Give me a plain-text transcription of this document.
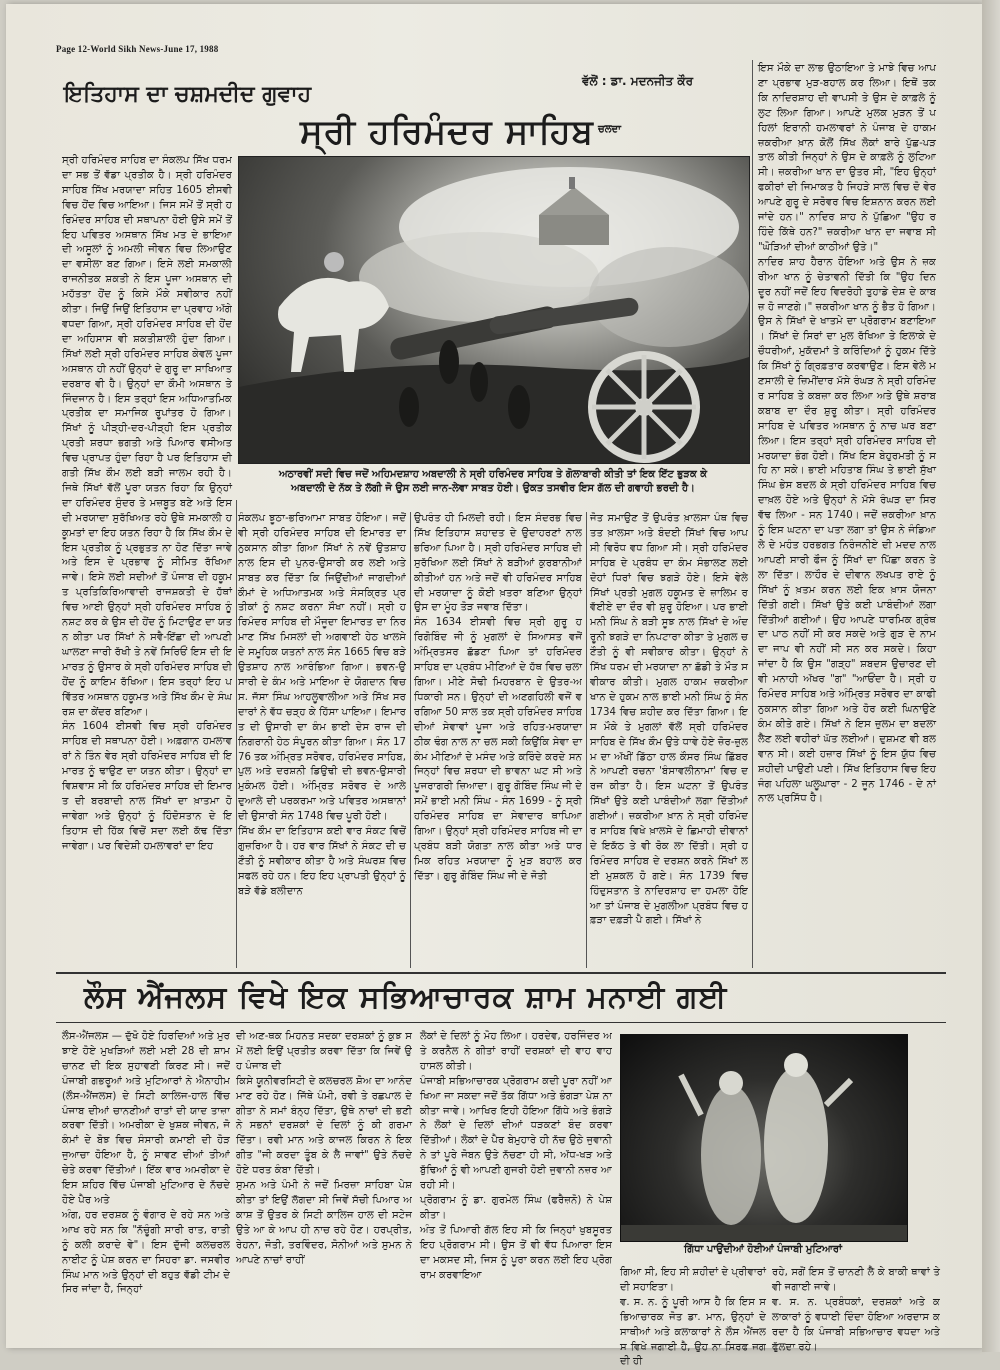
Page 12-World Sikh News-June 17, 1988
ਇਤਿਹਾਸ ਦਾ ਚਸ਼ਮਦੀਦ ਗੁਵਾਹ
ਵੱਲੋਂ : ਡਾ. ਮਦਨਜੀਤ ਕੌਰ
ਸ੍ਰੀ ਹਰਿਮੰਦਰ ਸਾਹਿਬ ਚਲਦਾ
ਅਠਾਰਵੀਂ ਸਦੀ ਵਿਚ ਜਦੋਂ ਅਹਿਮਦਸ਼ਾਹ ਅਬਦਾਲੀ ਨੇ ਸ੍ਰੀ ਹਰਿਮੰਦਰ ਸਾਹਿਬ ਤੇ ਗੋਲਾਬਾਰੀ ਕੀਤੀ ਤਾਂ ਇਕ ਇੱਟ ਭੁੜਕ ਕੇ
ਅਬਦਾਲੀ ਦੇ ਨੱਕ ਤੇ ਲੱਗੀ ਜੋ ਉਸ ਲਈ ਜਾਨ-ਲੇਵਾ ਸਾਬਤ ਹੋਈ। ਉਕਤ ਤਸਵੀਰ ਇਸ ਗੱਲ ਦੀ ਗਵਾਹੀ ਭਰਦੀ ਹੈ।
ਸ੍ਰੀ ਹਰਿਮੰਦਰ ਸਾਹਿਬ ਦਾ ਸੰਕਲਪ ਸਿੱਖ ਧਰਮ ਦਾ ਸਭ ਤੋਂ ਵੱਡਾ ਪ੍ਰਤੀਕ ਹੈ। ਸ੍ਰੀ ਹਰਿਮੰਦਰ ਸਾਹਿਬ ਸਿੱਖ ਮਰਯਾਦਾ ਸਹਿਤ 1605 ਈਸਵੀ ਵਿਚ ਹੋਂਦ ਵਿਚ ਆਇਆ। ਜਿਸ ਸਮੇਂ ਤੋਂ ਸ੍ਰੀ ਹਰਿਮੰਦਰ ਸਾਹਿਬ ਦੀ ਸਥਾਪਨਾ ਹੋਈ ਉਸੇ ਸਮੇਂ ਤੋਂ ਇਹ ਪਵਿਤਰ ਅਸਥਾਨ ਸਿੱਖ ਮਤ ਦੇ ਭਾਇਆਦੀ ਅਸੂਲਾਂ ਨੂੰ ਅਮਲੀ ਜੀਵਨ ਵਿਚ ਲਿਆਉਣ ਦਾ ਵਸੀਲਾ ਬਣ ਗਿਆ। ਇਸੇ ਲਈ ਸਮਕਾਲੀ ਰਾਜਨੀਤਕ ਸ਼ਕਤੀ ਨੇ ਇਸ ਪੂਜਾ ਅਸਥਾਨ ਦੀ ਮਹੱਤਤਾ ਹੋਂਦ ਨੂੰ ਕਿਸੇ ਮੌਕੇ ਸਵੀਕਾਰ ਨਹੀਂ ਕੀਤਾ। ਜਿਉਂ ਜਿਉਂ ਇਤਿਹਾਸ ਦਾ ਪ੍ਰਵਾਹ ਅੱਗੇ ਵਧਦਾ ਗਿਆ, ਸ੍ਰੀ ਹਰਿਮੰਦਰ ਸਾਹਿਬ ਦੀ ਹੋਂਦ ਦਾ ਅਹਿਸਾਸ ਵੀ ਸ਼ਕਤੀਸ਼ਾਲੀ ਹੁੰਦਾ ਗਿਆ। ਸਿੱਖਾਂ ਲਈ ਸ੍ਰੀ ਹਰਿਮੰਦਰ ਸਾਹਿਬ ਕੇਵਲ ਪੂਜਾ ਅਸਥਾਨ ਹੀ ਨਹੀਂ ਉਨ੍ਹਾਂ ਦੇ ਗੁਰੂ ਦਾ ਸਾਖਿਆਤ ਦਰਬਾਰ ਵੀ ਹੈ। ਉਨ੍ਹਾਂ ਦਾ ਕੌਮੀ ਅਸਥਾਨ ਤੇ ਜਿੰਦਜਾਨ ਹੈ। ਇਸ ਤਰ੍ਹਾਂ ਇਸ ਅਧਿਆਤਮਿਕ ਪ੍ਰਤੀਕ ਦਾ ਸਮਾਜਿਕ ਰੂਪਾਂਤਰ ਹੋ ਗਿਆ। ਸਿੱਖਾਂ ਨੂੰ ਪੀੜ੍ਹੀ-ਦਰ-ਪੀੜ੍ਹੀ ਇਸ ਪ੍ਰਤੀਕ ਪ੍ਰਤੀ ਸ਼ਰਧਾ ਭਗਤੀ ਅਤੇ ਪਿਆਰ ਵਸੀਅਤ ਵਿਚ ਪ੍ਰਾਪਤ ਹੁੰਦਾ ਰਿਹਾ ਹੈ ਪਰ ਇਤਿਹਾਸ ਦੀ ਗਤੀ ਸਿੱਖ ਕੌਮ ਲਈ ਬੜੀ ਜਾਲਮ ਰਹੀ ਹੈ। ਜਿਥੇ ਸਿੱਖਾਂ ਵੱਲੋਂ ਪੂਰਾ ਯਤਨ ਰਿਹਾ ਕਿ ਉਨ੍ਹਾਂ ਦਾ ਹਰਿਮੰਦਰ ਸੁੰਦਰ ਤੇ ਮਜ਼ਬੂਤ ਬਣੇ ਅਤੇ ਇਸ ਦੀ ਮਰਯਾਦਾ ਸੁਰੱਖਿਅਤ ਰਹੇ ਉਥੇ ਸਮਕਾਲੀ ਹਕੂਮਤਾਂ ਦਾ ਇਹ ਯਤਨ ਰਿਹਾ ਹੈ ਕਿ ਸਿੱਖ ਕੌਮ ਦੇ ਇਸ ਪ੍ਰਤੀਕ ਨੂੰ ਪ੍ਰਭੁਤਤ ਨਾ ਹੋਣ ਦਿੱਤਾ ਜਾਵੇ ਅਤੇ ਇਸ ਦੇ ਪ੍ਰਭਾਵ ਨੂੰ ਸੀਮਿਤ ਰੱਖਿਆ ਜਾਵੇ। ਇਸੇ ਲਈ ਸਦੀਆਂ ਤੋਂ ਪੰਜਾਬ ਦੀ ਹਕੂਮਤ ਪ੍ਰਤਿਕਿਰਿਆਵਾਦੀ ਰਾਜਸ਼ਕਤੀ ਦੇ ਹੱਥਾਂ ਵਿਚ ਆਈ ਉਨ੍ਹਾਂ ਸ੍ਰੀ ਹਰਿਮੰਦਰ ਸਾਹਿਬ ਨੂੰ ਨਸ਼ਟ ਕਰ ਕੇ ਉਸ ਦੀ ਹੋਂਦ ਨੂੰ ਮਿਟਾਉਣ ਦਾ ਯਤਨ ਕੀਤਾ ਪਰ ਸਿੱਖਾਂ ਨੇ ਸਵੈ-ਇੱਛਾ ਦੀ ਆਪਣੀ ਘਾਲਣਾ ਜਾਰੀ ਰੱਖੀ ਤੇ ਨਵੇਂ ਸਿਰਿਓਂ ਇਸ ਦੀ ਇਮਾਰਤ ਨੂੰ ਉਸਾਰ ਕੇ ਸ੍ਰੀ ਹਰਿਮੰਦਰ ਸਾਹਿਬ ਦੀ ਹੋਂਦ ਨੂੰ ਕਾਇਮ ਰੱਖਿਆ। ਇਸ ਤਰ੍ਹਾਂ ਇਹ ਪਵਿੱਤਰ ਅਸਥਾਨ ਹਕੂਮਤ ਅਤੇ ਸਿੱਖ ਕੌਮ ਦੇ ਸੰਘਰਸ਼ ਦਾ ਕੇਂਦਰ ਬਣਿਆ।
ਸੰਨ 1604 ਈਸਵੀ ਵਿਚ ਸ੍ਰੀ ਹਰਿਮੰਦਰ ਸਾਹਿਬ ਦੀ ਸਥਾਪਨਾ ਹੋਈ। ਅਫ਼ਗਾਨ ਹਮਲਾਵਰਾਂ ਨੇ ਤਿੰਨ ਵੇਰ ਸ੍ਰੀ ਹਰਿਮੰਦਰ ਸਾਹਿਬ ਦੀ ਇਮਾਰਤ ਨੂੰ ਢਾਉਣ ਦਾ ਯਤਨ ਕੀਤਾ। ਉਨ੍ਹਾਂ ਦਾ ਵਿਸ਼ਵਾਸ ਸੀ ਕਿ ਹਰਿਮੰਦਰ ਸਾਹਿਬ ਦੀ ਇਮਾਰਤ ਦੀ ਬਰਬਾਦੀ ਨਾਲ ਸਿੱਖਾਂ ਦਾ ਖ਼ਾਤਮਾ ਹੋ ਜਾਵੇਗਾ ਅਤੇ ਉਨ੍ਹਾਂ ਨੂੰ ਹਿੰਦੋਸਤਾਨ ਦੇ ਇਤਿਹਾਸ ਦੀ ਹਿੱਕ ਵਿਚੋਂ ਸਦਾ ਲਈ ਕੱਢ ਦਿੱਤਾ ਜਾਵੇਗਾ। ਪਰ ਵਿਦੇਸ਼ੀ ਹਮਲਾਵਰਾਂ ਦਾ ਇਹ
ਸੰਕਲਪ ਝੂਠਾ-ਭਰਿਆਮਾ ਸਾਬਤ ਹੋਇਆ। ਜਦੋਂ ਵੀ ਸ੍ਰੀ ਹਰਿਮੰਦਰ ਸਾਹਿਬ ਦੀ ਇਮਾਰਤ ਦਾ ਨੁਕਸਾਨ ਕੀਤਾ ਗਿਆ ਸਿੱਖਾਂ ਨੇ ਨਵੇਂ ਉਤਸ਼ਾਹ ਨਾਲ ਇਸ ਦੀ ਪੁਨਰ-ਉਸਾਰੀ ਕਰ ਲਈ ਅਤੇ ਸਾਬਤ ਕਰ ਦਿੱਤਾ ਕਿ ਜਿਉਂਦੀਆਂ ਜਾਗਦੀਆਂ ਕੌਮਾਂ ਦੇ ਅਧਿਆਤਮਕ ਅਤੇ ਸੰਸਕ੍ਰਿਤ ਪ੍ਰਤੀਕਾਂ ਨੂੰ ਨਸ਼ਟ ਕਰਨਾ ਸੌਖਾ ਨਹੀਂ। ਸ੍ਰੀ ਹਰਿਮੰਦਰ ਸਾਹਿਬ ਦੀ ਮੌਜੂਦਾ ਇਮਾਰਤ ਦਾ ਨਿਰਮਾਣ ਸਿੱਖ ਮਿਸਲਾਂ ਦੀ ਅਗਵਾਈ ਹੇਠ ਖਾਲਸੇ ਦੇ ਸਮੂਹਿਕ ਯਤਨਾਂ ਨਾਲ ਸੰਨ 1665 ਵਿਚ ਬੜੇ ਉਤਸ਼ਾਹ ਨਾਲ ਆਰੰਭਿਆ ਗਿਆ। ਭਵਨ-ਉਸਾਰੀ ਦੇ ਕੰਮ ਅਤੇ ਮਾਇਆ ਦੇ ਯੋਗਦਾਨ ਵਿਚ ਸ. ਜੱਸਾ ਸਿੰਘ ਆਹਲੂਵਾਲੀਆ ਅਤੇ ਸਿੱਖ ਸਰਦਾਰਾਂ ਨੇ ਵੱਧ ਚੜ੍ਹ ਕੇ ਹਿੱਸਾ ਪਾਇਆ। ਇਮਾਰਤ ਦੀ ਉਸਾਰੀ ਦਾ ਕੰਮ ਭਾਈ ਦੇਸ ਰਾਜ ਦੀ ਨਿਗਰਾਨੀ ਹੇਠ ਸੰਪੂਰਨ ਕੀਤਾ ਗਿਆ। ਸੰਨ 1776 ਤਕ ਅੰਮ੍ਰਿਤ ਸਰੋਵਰ, ਹਰਿਮੰਦਰ ਸਾਹਿਬ, ਪੁਲ ਅਤੇ ਦਰਸ਼ਨੀ ਡਿਉਢੀ ਦੀ ਭਵਨ-ਉਸਾਰੀ ਮੁਕੰਮਲ ਹੋਈ। ਅੰਮ੍ਰਿਤ ਸਰੋਵਰ ਦੇ ਆਲੇ ਦੁਆਲੇ ਦੀ ਪਰਕਰਮਾ ਅਤੇ ਪਵਿਤਰ ਅਸਥਾਨਾਂ ਦੀ ਉਸਾਰੀ ਸੰਨ 1748 ਵਿਚ ਪੂਰੀ ਹੋਈ।
ਸਿੱਖ ਕੌਮ ਦਾ ਇਤਿਹਾਸ ਕਈ ਵਾਰ ਸੰਕਟ ਵਿਚੋਂ ਗੁਜ਼ਰਿਆ ਹੈ। ਹਰ ਵਾਰ ਸਿੱਖਾਂ ਨੇ ਸੰਕਟ ਦੀ ਚਣੌਤੀ ਨੂੰ ਸਵੀਕਾਰ ਕੀਤਾ ਹੈ ਅਤੇ ਸੰਘਰਸ਼ ਵਿਚ ਸਫਲ ਰਹੇ ਹਨ। ਇਹ ਇਹ ਪ੍ਰਾਪਤੀ ਉਨ੍ਹਾਂ ਨੂੰ ਬੜੇ ਵੱਡੇ ਬਲੀਦਾਨ
ਉਪਰੰਤ ਹੀ ਮਿਲਦੀ ਰਹੀ। ਇਸ ਸੰਦਰਭ ਵਿਚ ਸਿੱਖ ਇਤਿਹਾਸ ਸ਼ਹਾਦਤ ਦੇ ਉਦਾਹਰਣਾਂ ਨਾਲ ਭਰਿਆ ਪਿਆ ਹੈ। ਸ੍ਰੀ ਹਰਿਮੰਦਰ ਸਾਹਿਬ ਦੀ ਸੁਰੱਖਿਆ ਲਈ ਸਿੱਖਾਂ ਨੇ ਬੜੀਆਂ ਕੁਰਬਾਨੀਆਂ ਕੀਤੀਆਂ ਹਨ ਅਤੇ ਜਦੋਂ ਵੀ ਹਰਿਮੰਦਰ ਸਾਹਿਬ ਦੀ ਮਰਯਾਦਾ ਨੂੰ ਕੋਈ ਖ਼ਤਰਾ ਬਣਿਆ ਉਨ੍ਹਾਂ ਉਸ ਦਾ ਮੂੰਹ ਤੋੜ ਜਵਾਬ ਦਿੱਤਾ।
ਸੰਨ 1634 ਈਸਵੀ ਵਿਚ ਸ੍ਰੀ ਗੁਰੂ ਹਰਿਗੋਬਿੰਦ ਜੀ ਨੂੰ ਮੁਗਲਾਂ ਦੇ ਸਿਆਸਤ ਵਜੋਂ ਅੰਮ੍ਰਿਤਸਰ ਛੱਡਣਾ ਪਿਆ ਤਾਂ ਹਰਿਮੰਦਰ ਸਾਹਿਬ ਦਾ ਪ੍ਰਬੰਧ ਮੀਣਿਆਂ ਦੇ ਹੱਥ ਵਿਚ ਚਲਾ ਗਿਆ। ਮੀਣੇ ਸੋਢੀ ਮਿਹਰਬਾਨ ਦੇ ਉਤਰ-ਅਧਿਕਾਰੀ ਸਨ। ਉਨ੍ਹਾਂ ਦੀ ਅਣਗਹਿਲੀ ਵਜੋਂ ਵਰਗਿਆ 50 ਸਾਲ ਤਕ ਸ੍ਰੀ ਹਰਿਮੰਦਰ ਸਾਹਿਬ ਦੀਆਂ ਸੇਵਾਵਾਂ ਪੂਜਾ ਅਤੇ ਰਹਿਤ-ਮਰਯਾਦਾ ਠੀਕ ਢੰਗ ਨਾਲ ਨਾ ਚਲ ਸਕੀ ਕਿਉਂਕਿ ਸੇਵਾ ਦਾ ਕੰਮ ਮੀਣਿਆਂ ਦੇ ਮਸੰਦ ਅਤੇ ਕਰਿੰਦੇ ਕਰਦੇ ਸਨ ਜਿਨ੍ਹਾਂ ਵਿਚ ਸ਼ਰਧਾ ਦੀ ਭਾਵਨਾ ਘਟ ਸੀ ਅਤੇ ਪੂਜਰਾਗਰੀ ਜ਼ਿਆਦਾ। ਗੁਰੂ ਗੋਬਿੰਦ ਸਿੰਘ ਜੀ ਦੇ ਸਮੇਂ ਭਾਈ ਮਨੀ ਸਿੰਘ - ਸੰਨ 1699 - ਨੂੰ ਸ੍ਰੀ ਹਰਿਮੰਦਰ ਸਾਹਿਬ ਦਾ ਸੇਵਾਦਾਰ ਥਾਪਿਆ ਗਿਆ। ਉਨ੍ਹਾਂ ਸ੍ਰੀ ਹਰਿਮੰਦਰ ਸਾਹਿਬ ਜੀ ਦਾ ਪ੍ਰਬੰਧ ਬੜੀ ਯੋਗਤਾ ਨਾਲ ਕੀਤਾ ਅਤੇ ਧਾਰਮਿਕ ਰਹਿਤ ਮਰਯਾਦਾ ਨੂੰ ਮੁੜ ਬਹਾਲ ਕਰ ਦਿੱਤਾ। ਗੁਰੂ ਗੋਬਿੰਦ ਸਿੰਘ ਜੀ ਦੇ ਜੋਤੀ
ਜੋਤ ਸਮਾਉਣ ਤੋਂ ਉਪਰੰਤ ਖ਼ਾਲਸਾ ਪੰਥ ਵਿਚ ਤਤ ਖ਼ਾਲਸਾ ਅਤੇ ਬੰਦਈ ਸਿੱਖਾਂ ਵਿਚ ਆਪਸੀ ਵਿਰੋਧ ਵਧ ਗਿਆ ਸੀ। ਸ੍ਰੀ ਹਰਿਮੰਦਰ ਸਾਹਿਬ ਦੇ ਪ੍ਰਬੰਧ ਦਾ ਕੰਮ ਸੰਭਾਲਣ ਲਈ ਦੋਹਾਂ ਧਿਰਾਂ ਵਿਚ ਝਗੜੇ ਹੋਏ। ਇਸੇ ਵੇਲੇ ਸਿੱਖਾਂ ਪ੍ਰਤੀ ਮੁਗਲ ਹਕੂਮਤ ਦੇ ਜ਼ਾਲਿਮ ਰਵੱਈਏ ਦਾ ਦੌਰ ਵੀ ਸ਼ੁਰੂ ਹੋਇਆ। ਪਰ ਭਾਈ ਮਨੀ ਸਿੰਘ ਨੇ ਬੜੀ ਸੂਝ ਨਾਲ ਸਿੱਖਾਂ ਦੇ ਅੰਦਰੂਨੀ ਝਗੜੇ ਦਾ ਨਿਪਟਾਰਾ ਕੀਤਾ ਤੇ ਮੁਗਲ ਚਣੌਤੀ ਨੂੰ ਵੀ ਸਵੀਕਾਰ ਕੀਤਾ। ਉਨ੍ਹਾਂ ਨੇ ਸਿੱਖ ਧਰਮ ਦੀ ਮਰਯਾਦਾ ਨਾ ਛੱਡੀ ਤੇ ਮੌਤ ਸਵੀਕਾਰ ਕੀਤੀ। ਮੁਗਲ ਹਾਕਮ ਜ਼ਕਰੀਆ ਖਾਨ ਦੇ ਹੁਕਮ ਨਾਲ ਭਾਈ ਮਨੀ ਸਿੰਘ ਨੂੰ ਸੰਨ 1734 ਵਿਚ ਸ਼ਹੀਦ ਕਰ ਦਿੱਤਾ ਗਿਆ। ਇਸ ਮੌਕੇ ਤੇ ਮੁਗਲਾਂ ਵੱਲੋਂ ਸ੍ਰੀ ਹਰਿਮੰਦਰ ਸਾਹਿਬ ਦੇ ਸਿੱਖ ਕੌਮ ਉਤੇ ਧਾਵੇ ਹੋਏ ਜ਼ੋਰ-ਜ਼ੁਲਮ ਦਾ ਅੱਖੀਂ ਡਿੱਠਾ ਹਾਲ ਕੌਸਰ ਸਿੰਘ ਛਿੱਬਰ ਨੇ ਆਪਣੀ ਰਚਨਾ 'ਬੰਸਾਵਲੀਨਾਮਾ' ਵਿਚ ਦਰਜ ਕੀਤਾ ਹੈ। ਇਸ ਘਟਨਾ ਤੋਂ ਉਪਰੰਤ ਸਿੱਖਾਂ ਉਤੇ ਕਈ ਪਾਬੰਦੀਆਂ ਲਗਾ ਦਿੱਤੀਆਂ ਗਈਆਂ। ਜ਼ਕਰੀਆ ਖ਼ਾਨ ਨੇ ਸ੍ਰੀ ਹਰਿਮੰਦਰ ਸਾਹਿਬ ਵਿਖੇ ਖ਼ਾਲਸੇ ਦੇ ਛਿਮਾਹੀ ਦੀਵਾਨਾਂ ਦੇ ਇਕੱਠ ਤੇ ਵੀ ਰੋਕ ਲਾ ਦਿੱਤੀ। ਸ੍ਰੀ ਹਰਿਮੰਦਰ ਸਾਹਿਬ ਦੇ ਦਰਸ਼ਨ ਕਰਨੇ ਸਿੱਖਾਂ ਲਈ ਮੁਸ਼ਕਲ ਹੋ ਗਏ। ਸੰਨ 1739 ਵਿਚ ਹਿੰਦੁਸਤਾਨ ਤੇ ਨਾਦਿਰਸ਼ਾਹ ਦਾ ਹਮਲਾ ਹੋਇਆ ਤਾਂ ਪੰਜਾਬ ਦੇ ਮੁਗਲੀਆ ਪ੍ਰਬੰਧ ਵਿਚ ਹਫ਼ੜਾ ਦਫ਼ੜੀ ਪੈ ਗਈ। ਸਿੱਖਾਂ ਨੇ
ਇਸ ਮੌਕੇ ਦਾ ਲਾਭ ਉਠਾਇਆ ਤੇ ਮਾਝੇ ਵਿਚ ਆਪਣਾ ਪ੍ਰਭਾਵ ਮੁੜ-ਬਹਾਲ ਕਰ ਲਿਆ। ਇਥੋਂ ਤਕ ਕਿ ਨਾਦਿਰਸ਼ਾਹ ਦੀ ਵਾਪਸੀ ਤੇ ਉਸ ਦੇ ਕਾਫ਼ਲੇ ਨੂੰ ਲੁਟ ਲਿਆ ਗਿਆ। ਆਪਣੇ ਮੁਲਕ ਮੁੜਨ ਤੋਂ ਪਹਿਲਾਂ ਇਰਾਨੀ ਹਮਲਾਵਰਾਂ ਨੇ ਪੰਜਾਬ ਦੇ ਹਾਕਮ ਜ਼ਕਰੀਆ ਖ਼ਾਨ ਕੋਲੋਂ ਸਿੱਖ ਲੋਕਾਂ ਬਾਰੇ ਪੁੱਛ-ਪੜਤਾਲ ਕੀਤੀ ਜਿਨ੍ਹਾਂ ਨੇ ਉਸ ਦੇ ਕਾਫ਼ਲੇ ਨੂੰ ਲੁਟਿਆ ਸੀ। ਜ਼ਕਰੀਆ ਖਾਨ ਦਾ ਉਤਰ ਸੀ, "ਇਹ ਉਨ੍ਹਾਂ ਫਕੀਰਾਂ ਦੀ ਜਿਮਾਕਤ ਹੈ ਜਿਹੜੇ ਸਾਲ ਵਿਚ ਦੋ ਵੇਰ ਆਪਣੇ ਗੁਰੂ ਦੇ ਸਰੋਵਰ ਵਿਚ ਇਸ਼ਨਾਨ ਕਰਨ ਲਈ ਜਾਂਦੇ ਹਨ।" ਨਾਦਿਰ ਸ਼ਾਹ ਨੇ ਪੁੱਛਿਆ "ਉਹ ਰਹਿੰਦੇ ਕਿੱਥੇ ਹਨ?" ਜ਼ਕਰੀਆ ਖਾਨ ਦਾ ਜਵਾਬ ਸੀ "ਘੋੜਿਆਂ ਦੀਆਂ ਕਾਠੀਆਂ ਉਤੇ।"
ਨਾਦਿਰ ਸ਼ਾਹ ਹੈਰਾਨ ਹੋਇਆ ਅਤੇ ਉਸ ਨੇ ਜ਼ਕਰੀਆ ਖਾਨ ਨੂੰ ਚੇਤਾਵਨੀ ਦਿੱਤੀ ਕਿ "ਉਹ ਦਿਨ ਦੂਰ ਨਹੀਂ ਜਦੋਂ ਇਹ ਵਿਦਰੋਹੀ ਤੁਹਾਡੇ ਦੇਸ਼ ਦੇ ਕਾਬਜ਼ ਹੋ ਜਾਣਗੇ।" ਜ਼ਕਰੀਆ ਖਾਨ ਨੂੰ ਭੈਤ ਹੋ ਗਿਆ। ਉਸ ਨੇ ਸਿੱਖਾਂ ਦੇ ਖਾਤਮੇ ਦਾ ਪ੍ਰੋਗਰਾਮ ਬਣਾਇਆ। ਸਿੱਖਾਂ ਦੇ ਸਿਰਾਂ ਦਾ ਮੁਲ ਰੱਖਿਆ ਤੇ ਇਲਾਕੇ ਦੇ ਚੌਧਰੀਆਂ, ਮੁਕੱਦਮਾਂ ਤੇ ਕਰਿੰਦਿਆਂ ਨੂੰ ਹੁਕਮ ਦਿੱਤੇ ਕਿ ਸਿੱਖਾਂ ਨੂੰ ਗ੍ਰਿਫ਼ਤਾਰ ਕਰਵਾਉਣ। ਇਸ ਵੇਲੇ ਮਣਸਾਲੀ ਦੇ ਜ਼ਿਮੀਂਦਾਰ ਮੱਸੇ ਰੰਘੜ ਨੇ ਸ੍ਰੀ ਹਰਿਮੰਦਰ ਸਾਹਿਬ ਤੇ ਕਬਜ਼ਾ ਕਰ ਲਿਆ ਅਤੇ ਉਥੇ ਸ਼ਰਾਬ ਕਬਾਬ ਦਾ ਦੌਰ ਸ਼ੁਰੂ ਕੀਤਾ। ਸ੍ਰੀ ਹਰਿਮੰਦਰ ਸਾਹਿਬ ਦੇ ਪਵਿਤਰ ਅਸਥਾਨ ਨੂੰ ਨਾਚ ਘਰ ਬਣਾ ਲਿਆ। ਇਸ ਤਰ੍ਹਾਂ ਸ੍ਰੀ ਹਰਿਮੰਦਰ ਸਾਹਿਬ ਦੀ ਮਰਯਾਦਾ ਭੰਗ ਹੋਈ। ਸਿੱਖ ਇਸ ਬੇਹੁਰਮਤੀ ਨੂੰ ਸਹਿ ਨਾ ਸਕੇ। ਭਾਈ ਮਹਿਤਾਬ ਸਿੰਘ ਤੇ ਭਾਈ ਸੁੱਖਾ ਸਿੰਘ ਭੇਸ ਬਦਲ ਕੇ ਸ੍ਰੀ ਹਰਿਮੰਦਰ ਸਾਹਿਬ ਵਿਚ ਦਾਖ਼ਲ ਹੋਏ ਅਤੇ ਉਨ੍ਹਾਂ ਨੇ ਮੱਸੇ ਰੰਘੜ ਦਾ ਸਿਰ ਵੱਢ ਲਿਆ - ਸਨ 1740। ਜਦੋਂ ਜ਼ਕਰੀਆ ਖ਼ਾਨ ਨੂੰ ਇਸ ਘਟਨਾ ਦਾ ਪਤਾ ਲਗਾ ਤਾਂ ਉਸ ਨੇ ਜੰਡਿਆਲੇ ਦੇ ਮਹੰਤ ਹਰਭਗਤ ਨਿਰੰਜਨੀਏ ਦੀ ਮਦਦ ਨਾਲ ਆਪਣੀ ਸਾਰੀ ਫੌਜ ਨੂੰ ਸਿੱਖਾਂ ਦਾ ਪਿੱਛਾ ਕਰਨ ਤੇ ਲਾ ਦਿੱਤਾ। ਲਾਹੌਰ ਦੇ ਦੀਵਾਨ ਲਖਪਤ ਰਾਏ ਨੂੰ ਸਿੱਖਾਂ ਨੂੰ ਖ਼ਤਮ ਕਰਨ ਲਈ ਇਕ ਖ਼ਾਸ ਯੋਜਨਾ ਦਿੱਤੀ ਗਈ। ਸਿੱਖਾਂ ਉਤੇ ਕਈ ਪਾਬੰਦੀਆਂ ਲਗਾ ਦਿੱਤੀਆਂ ਗਈਆਂ। ਉਹ ਆਪਣੇ ਧਾਰਮਿਕ ਗ੍ਰੰਥ ਦਾ ਪਾਠ ਨਹੀਂ ਸੀ ਕਰ ਸਕਦੇ ਅਤੇ ਗੁੜ ਦੇ ਨਾਮ ਦਾ ਜਾਪ ਵੀ ਨਹੀਂ ਸੀ ਸਨ ਕਰ ਸਕਦੇ। ਕਿਹਾ ਜਾਂਦਾ ਹੈ ਕਿ ਉਸ "ਗੜ੍ਹ" ਸ਼ਬਦਸ ਉਚਾਰਣ ਦੀ ਵੀ ਮਨਾਹੀ ਅੱਖਰ "ਗ" "ਆਓਂਦਾ ਹੈ। ਸ੍ਰੀ ਹਰਿਮੰਦਰ ਸਾਹਿਬ ਅਤੇ ਅੰਮ੍ਰਿਤ ਸਰੋਵਰ ਦਾ ਕਾਫੀ ਨੁਕਸਾਨ ਕੀਤਾ ਗਿਆ ਅਤੇ ਹੋਰ ਕਈ ਘਿਨਾਉਣੇ ਕੰਮ ਕੀਤੇ ਗਏ। ਸਿੱਖਾਂ ਨੇ ਇਸ ਜ਼ੁਲਮ ਦਾ ਬਦਲਾ ਲੈਣ ਲਈ ਵਹੀਰਾਂ ਘੱਤ ਲਈਆਂ। ਦੁਸ਼ਮਣ ਵੀ ਬਲਵਾਨ ਸੀ। ਕਈ ਹਜ਼ਾਰ ਸਿੱਖਾਂ ਨੂੰ ਇਸ ਯੁੱਧ ਵਿਚ ਸ਼ਹੀਦੀ ਪਾਉਣੀ ਪਈ। ਸਿੱਖ ਇਤਿਹਾਸ ਵਿਚ ਇਹ ਜੰਗ ਪਹਿਲਾ ਘਲੂਘਾਰਾ - 2 ਜੂਨ 1746 - ਦੇ ਨਾਂ ਨਾਲ ਪ੍ਰਸਿੱਧ ਹੈ।
ਲੌਸ ਐਂਜਲਸ ਵਿਖੇ ਇਕ ਸਭਿਆਚਾਰਕ ਸ਼ਾਮ ਮਨਾਈ ਗਈ
ਲੌਸ-ਐਂਜਲਸ — ਦੁੱਖੋ ਹੋਏ ਹਿਰਦਿਆਂ ਅਤੇ ਮੁਰਝਾਏ ਹੋਏ ਮੁਖੜਿਆਂ ਲਈ ਮਈ 28 ਦੀ ਸ਼ਾਮ ਚਾਨਣ ਦੀ ਇਕ ਸੁਹਾਵਣੀ ਕਿਰਣ ਸੀ। ਜਦੋਂ ਪੰਜਾਬੀ ਗਭਰੂਆਂ ਅਤੇ ਮੁਟਿਆਰਾਂ ਨੇ ਐਨਾਹੀਮ (ਲੌਸ-ਐਂਜਲਸ) ਦੇ ਸਿਟੀ ਕਾਲਿਜ-ਹਾਲ ਵਿੱਚ ਪੰਜਾਬ ਦੀਆਂ ਚਾਨਣੀਆਂ ਰਾਤਾਂ ਦੀ ਯਾਦ ਤਾਜ਼ਾ ਕਰਵਾ ਦਿੱਤੀ। ਅਮਰੀਕਾ ਦੇ ਖੁਸ਼ਕ ਜੀਵਨ, ਜੋ ਕੰਮਾਂ ਦੇ ਬੋਝ ਵਿਚ ਸੰਸਾਰੀ ਕਮਾਈ ਦੀ ਹੋੜ ਜੁਆਚਾ ਹੋਇਆ ਹੈ, ਨੂੰ ਸਾਵਣ ਦੀਆਂ ਤੀਆਂ ਚੇਤੇ ਕਰਵਾ ਦਿੱਤੀਆਂ। ਇੱਕ ਵਾਰ ਅਮਰੀਕਾ ਦੇ ਇਸ ਸ਼ਹਿਰ ਵਿੱਚ ਪੰਜਾਬੀ ਮੁਟਿਆਰ ਦੇ ਨੱਚਦੇ ਹੋਏ ਪੈਰ ਅਤੇ
ਅੰਗ, ਹਰ ਦਰਸ਼ਕ ਨੂੰ ਵੰਗਾਰ ਦੇ ਰਹੇ ਸਨ ਅਤੇ ਆਖ ਰਹੇ ਸਨ ਕਿ "ਨੱਚੂੰਗੀ ਸਾਰੀ ਰਾਤ, ਰਾਤੀ ਨੂੰ ਕਲੀ ਕਰਾਦੇ ਵੇ"। ਇਸ ਦੁੱਜੀ ਕਲਚਰਲ ਨਾਈਟ ਨੂੰ ਪੇਸ਼ ਕਰਨ ਦਾ ਸਿਹਰਾ ਡਾ. ਜਸਵੀਰ ਸਿੰਘ ਮਾਨ ਅਤੇ ਉਨ੍ਹਾਂ ਦੀ ਬਹੁਤ ਵੱਡੀ ਟੀਮ ਦੇ ਸਿਰ ਜਾਂਦਾ ਹੈ, ਜਿਨ੍ਹਾਂ
ਦੀ ਅਣ-ਥਕ ਮਿਹਨਤ ਸਦਕਾ ਦਰਸ਼ਕਾਂ ਨੂੰ ਕੁਝ ਸਮੇਂ ਲਈ ਇਉਂ ਪ੍ਰਤੀਤ ਕਰਵਾ ਦਿੱਤਾ ਕਿ ਜਿਵੇਂ ਉਹ ਪੰਜਾਬ ਦੀ
ਕਿਸੇ ਯੂਨੀਵਰਸਿਟੀ ਦੇ ਕਲਚਰਲ ਸ਼ੋਅ ਦਾ ਆਨੰਦ ਮਾਣ ਰਹੇ ਹੋਣ। ਜਿੱਥੇ ਪੰਮੀ, ਰਵੀ ਤੇ ਰਛਪਾਲ ਦੇ ਗੀਤਾ ਨੇ ਸਮਾਂ ਬੰਨ੍ਹ ਦਿੱਤਾ, ਉਥੇ ਨਾਚਾਂ ਦੀ ਭਣੀ ਨੇ ਸਭਨਾਂ ਦਰਸ਼ਕਾਂ ਦੇ ਦਿਲਾਂ ਨੂੰ ਕੀ ਗਰਮਾ ਦਿੱਤਾ। ਰਵੀ ਮਾਨ ਅਤੇ ਕਾਜਲ ਕਿਰਨ ਨੇ ਇਕ ਗੀਤ "ਜੀ ਕਰਦਾ ਤੂੰਬ ਕੇ ਲੈ ਜਾਵਾਂ" ਉਤੇ ਨੱਚਦੇ ਹੋਏ ਧਰਤ ਕੰਬਾ ਦਿੱਤੀ।
ਸੁਮਨ ਅਤੇ ਪੰਮੀ ਨੇ ਜਦੋਂ ਮਿਰਜ਼ਾ ਸਾਹਿਬਾ ਪੇਸ਼ ਕੀਤਾ ਤਾਂ ਇਉਂ ਲੱਗਦਾ ਸੀ ਜਿਵੇਂ ਸੱਚੀ ਪਿਆਰ ਅਕਾਸ਼ ਤੋਂ ਉਤਰ ਕੇ ਸਿਟੀ ਕਾਲਿਜ ਹਾਲ ਦੀ ਸਟੇਜ ਉਤੇ ਆ ਕੇ ਆਪ ਹੀ ਨਾਚ ਰਹੇ ਹੋਣ। ਹਰਪ੍ਰੀਤ, ਰੇਹਨਾ, ਜੋਤੀ, ਤਰਵਿੰਦਰ, ਸੋਨੀਆਂ ਅਤੇ ਸੁਮਨ ਨੇ ਆਪਣੇ ਨਾਚਾਂ ਰਾਹੀਂ
ਲੋਕਾਂ ਦੇ ਦਿਲਾਂ ਨੂੰ ਮੋਹ ਲਿਆ। ਹਰਦੇਵ, ਹਰਜਿੰਦਰ ਅਤੇ ਕਰਨੈਲ ਨੇ ਗੀਤਾਂ ਰਾਹੀਂ ਦਰਸ਼ਕਾਂ ਦੀ ਵਾਹ ਵਾਹ ਹਾਸਲ ਕੀਤੀ।
ਪੰਜਾਬੀ ਸਭਿਆਚਾਰਕ ਪ੍ਰੋਗਰਾਮ ਕਦੀ ਪੂਰਾ ਨਹੀਂ ਆਖਿਆ ਜਾ ਸਕਦਾ ਜਦੋਂ ਤੱਕ ਗਿੱਧਾ ਅਤੇ ਭੰਗੜਾ ਪੇਸ਼ ਨਾ ਕੀਤਾ ਜਾਵੇ। ਆਖਿਰ ਇਹੀ ਹੋਇਆ ਗਿੱਧੇ ਅਤੇ ਭੰਗੜੇ ਨੇ ਲੋਕਾਂ ਦੇ ਦਿਲਾਂ ਦੀਆਂ ਧੜਕਣਾਂ ਬੰਦ ਕਰਵਾ ਦਿੱਤੀਆਂ। ਲੋਕਾਂ ਦੇ ਪੈਰ ਬੇਮੁਹਾਰੇ ਹੀ ਨੱਚ ਉਠੇ ਜੁਵਾਨੀ ਨੇ ਤਾਂ ਪੂਰੇ ਜੋਬਨ ਉਤੇ ਨੱਚਣਾ ਹੀ ਸੀ, ਅੱਧ-ਖੜ ਅਤੇ ਬੁੱਢਿਆਂ ਨੂੰ ਵੀ ਆਪਣੀ ਗੁਜਰੀ ਹੋਈ ਜੁਵਾਨੀ ਨਜ਼ਰ ਆ ਰਹੀ ਸੀ।
ਪ੍ਰੋਗਰਾਮ ਨੂੰ ਡਾ. ਗੁਰਮੇਲ ਸਿੰਘ (ਫਰੈਜ਼ਨੋ) ਨੇ ਪੇਸ਼ ਕੀਤਾ।
ਅੰਤ ਤੋਂ ਪਿਆਰੀ ਗੱਲ ਇਹ ਸੀ ਕਿ ਜਿਨ੍ਹਾਂ ਖੁਬਸੂਰਤ ਇਹ ਪ੍ਰੋਗਰਾਮ ਸੀ। ਉਸ ਤੋਂ ਵੀ ਵੱਧ ਪਿਆਰਾ ਇਸ ਦਾ ਮਕਸਦ ਸੀ, ਜਿਸ ਨੂੰ ਪੂਰਾ ਕਰਨ ਲਈ ਇਹ ਪ੍ਰੋਗਰਾਮ ਕਰਵਾਇਆ	ਗਿਆ ਸੀ, ਇਹ ਸੀ ਸ਼ਹੀਦਾਂ ਦੇ ਪ੍ਰੀਵਾਰਾਂ ਦੀ ਸਹਾਇਤਾ।
ਵ. ਸ. ਨ. ਨੂੰ ਪੂਰੀ ਆਸ ਹੈ ਕਿ ਇਸ ਸਭਿਆਚਾਰਕ ਜੋਤ ਡਾ. ਮਾਨ, ਉਨ੍ਹਾਂ ਦੇ ਸਾਥੀਆਂ ਅਤੇ ਕਲਾਕਾਰਾਂ ਨੇ ਲੌਸ ਐਂਜਲਸ ਵਿਖੇ ਜਗਾਈ ਹੈ, ਉਹ ਨਾ ਸਿਰਫ ਜਗਦੀ ਹੀ
ਰਹੇ, ਸਗੋਂ ਇਸ ਤੋਂ ਚਾਨਣੀ ਲੈ ਕੇ ਬਾਕੀ ਥਾਵਾਂ ਤੇ ਵੀ ਜਗਾਈ ਜਾਵੇ।
ਵ. ਸ. ਨ. ਪ੍ਰਬੰਧਕਾਂ, ਦਰਸ਼ਕਾਂ ਅਤੇ ਕਲਾਕਾਰਾਂ ਨੂੰ ਵਧਾਈ ਦਿੰਦਾ ਹੋਇਆ ਅਰਦਾਸ ਕਰਦਾ ਹੈ ਕਿ ਪੰਜਾਬੀ ਸਭਿਆਚਾਰ ਵਧਦਾ ਅਤੇ ਫੁੱਲਦਾ ਰਹੇ।
ਗਿੱਧਾ ਪਾਉਂਦੀਆਂ ਹੋਈਆਂ ਪੰਜਾਬੀ ਮੁਟਿਆਰਾਂ
